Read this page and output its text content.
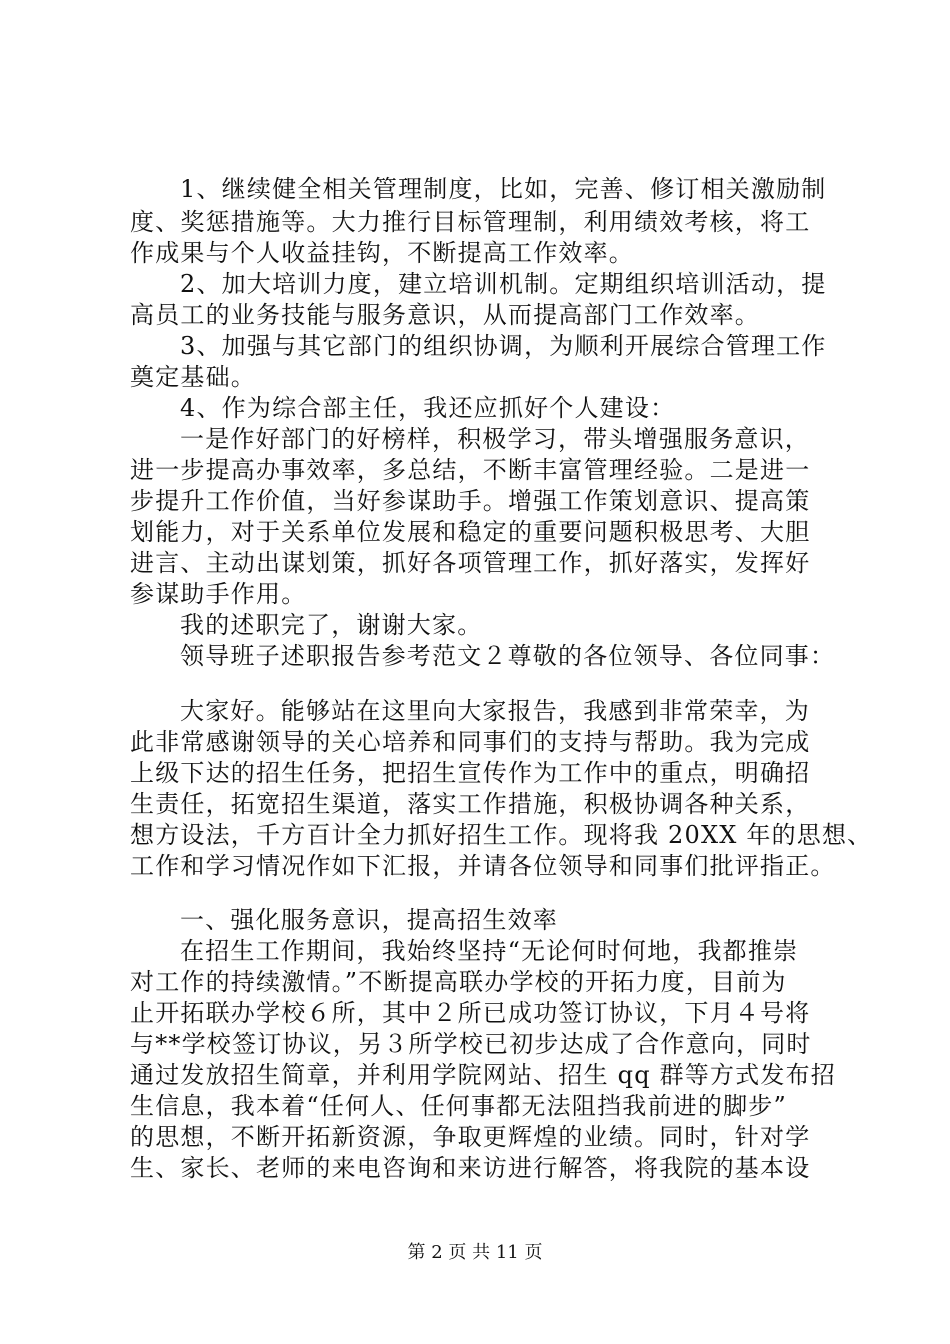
1、继续健全相关管理制度，比如，完善、修订相关激励制
度、奖惩措施等。大力推行目标管理制，利用绩效考核，将工
作成果与个人收益挂钩，不断提高工作效率。
2、加大培训力度，建立培训机制。定期组织培训活动，提
高员工的业务技能与服务意识，从而提高部门工作效率。
3、加强与其它部门的组织协调，为顺利开展综合管理工作
奠定基础。
4、作为综合部主任，我还应抓好个人建设：
一是作好部门的好榜样，积极学习，带头增强服务意识，
进一步提高办事效率，多总结，不断丰富管理经验。二是进一
步提升工作价值，当好参谋助手。增强工作策划意识、提高策
划能力，对于关系单位发展和稳定的重要问题积极思考、大胆
进言、主动出谋划策，抓好各项管理工作，抓好落实，发挥好
参谋助手作用。
我的述职完了，谢谢大家。
领导班子述职报告参考范文２尊敬的各位领导、各位同事：
大家好。能够站在这里向大家报告，我感到非常荣幸，为
此非常感谢领导的关心培养和同事们的支持与帮助。我为完成
上级下达的招生任务，把招生宣传作为工作中的重点，明确招
生责任，拓宽招生渠道，落实工作措施，积极协调各种关系，
想方设法，千方百计全力抓好招生工作。现将我 20XX 年的思想、
工作和学习情况作如下汇报，并请各位领导和同事们批评指正。
一、强化服务意识，提高招生效率
在招生工作期间，我始终坚持“无论何时何地，我都推崇
对工作的持续激情。”不断提高联办学校的开拓力度，目前为
止开拓联办学校６所，其中２所已成功签订协议，下月４号将
与**学校签订协议，另３所学校已初步达成了合作意向，同时
通过发放招生简章，并利用学院网站、招生 qq 群等方式发布招
生信息，我本着“任何人、任何事都无法阻挡我前进的脚步”
的思想，不断开拓新资源，争取更辉煌的业绩。同时，针对学
生、家长、老师的来电咨询和来访进行解答，将我院的基本设
第 2 页 共 11 页
